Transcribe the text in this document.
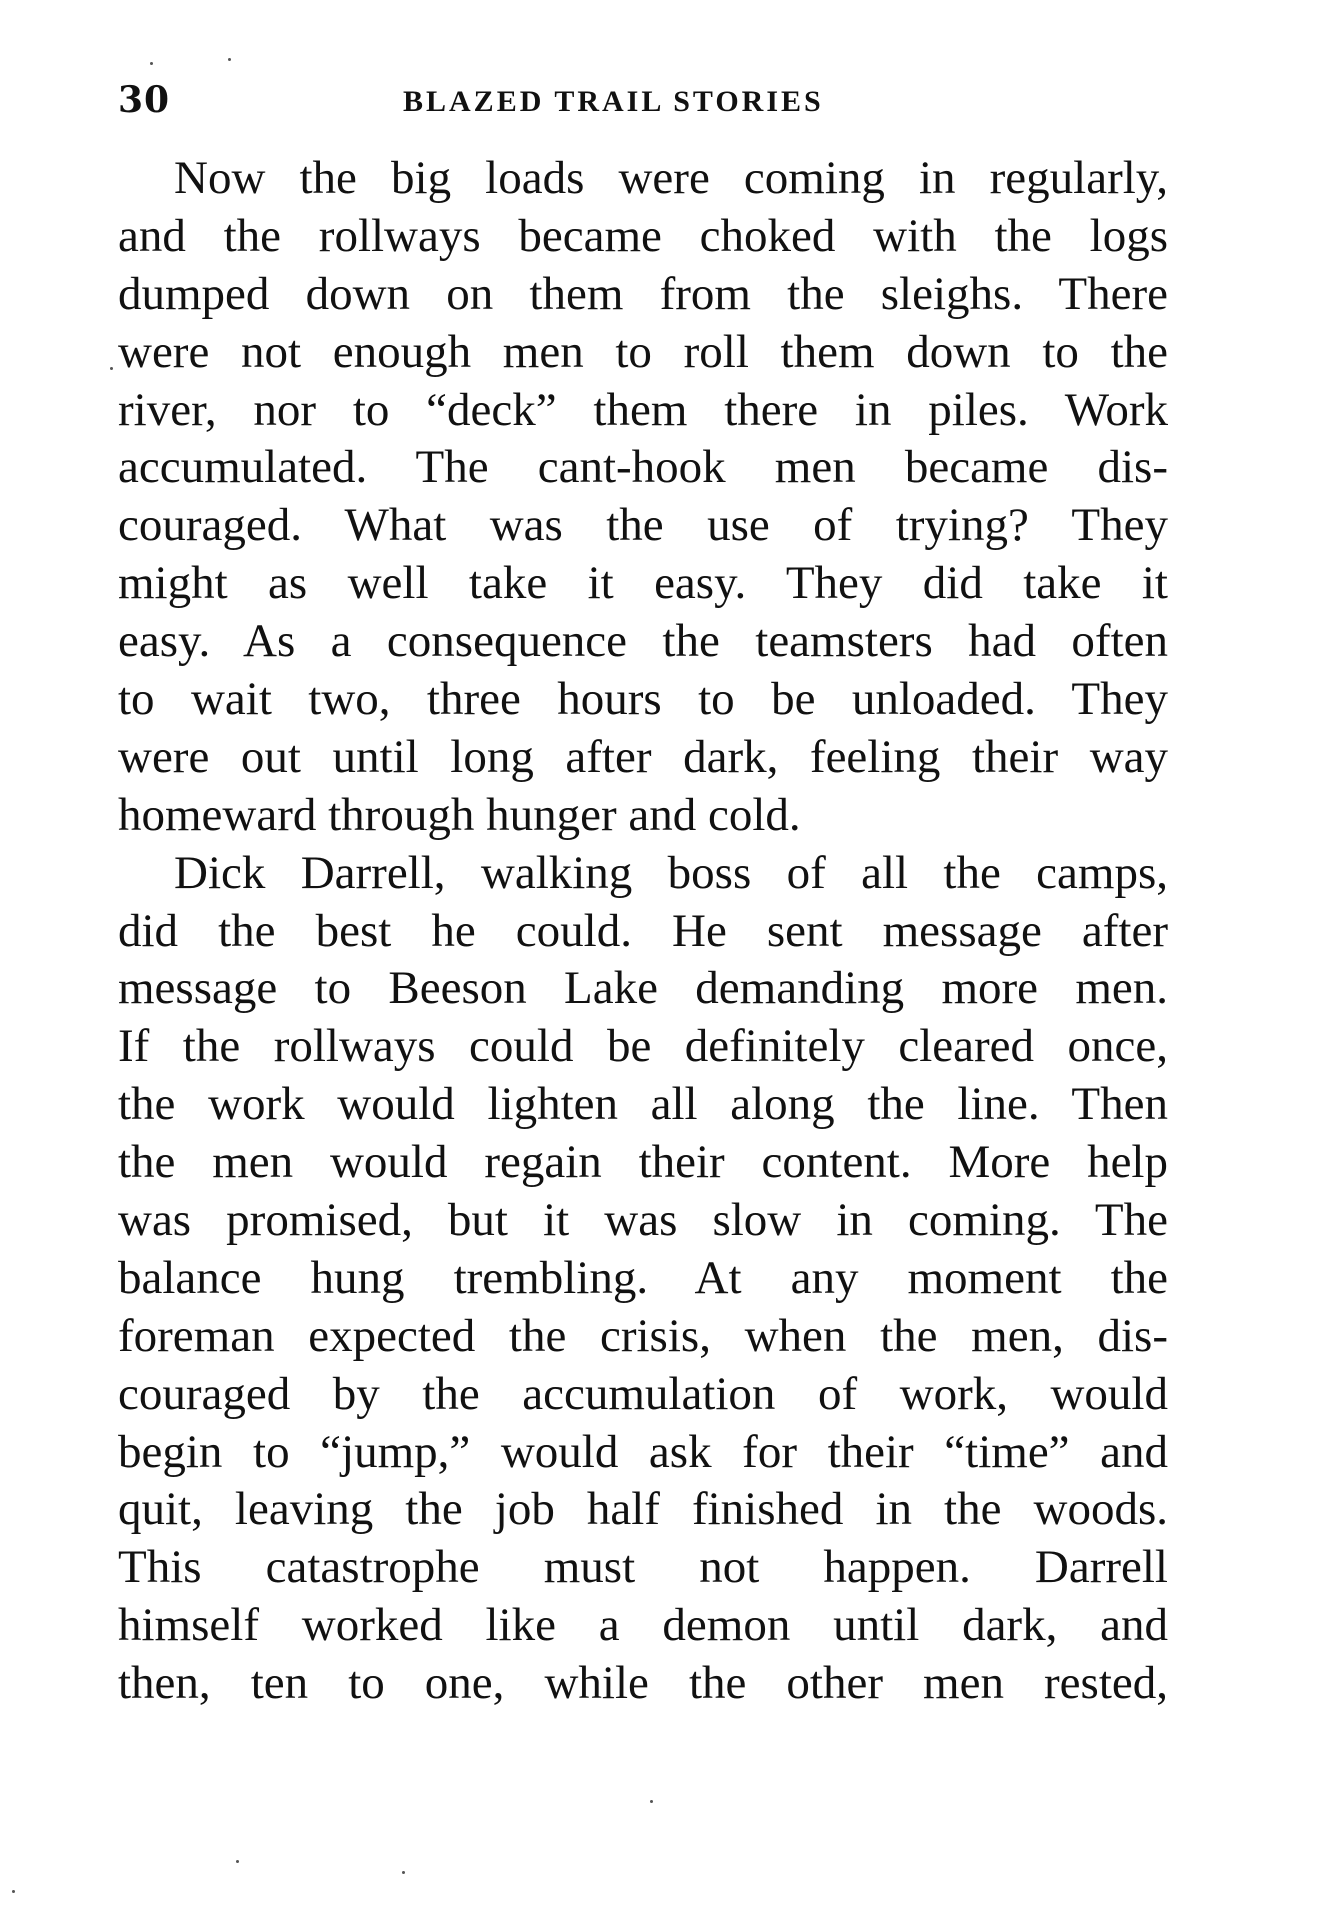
30	BLAZED TRAIL STORIES
Now the big loads were coming in regularly,
and the rollways became choked with the logs
dumped down on them from the sleighs. There
were not enough men to roll them down to the
river, nor to “deck” them there in piles. Work
accumulated. The cant-hook men became dis-
couraged. What was the use of trying? They
might as well take it easy. They did take it
easy. As a consequence the teamsters had often
to wait two, three hours to be unloaded. They
were out until long after dark, feeling their way
homeward through hunger and cold.
Dick Darrell, walking boss of all the camps,
did the best he could. He sent message after
message to Beeson Lake demanding more men.
If the rollways could be definitely cleared once,
the work would lighten all along the line. Then
the men would regain their content. More help
was promised, but it was slow in coming. The
balance hung trembling. At any moment the
foreman expected the crisis, when the men, dis-
couraged by the accumulation of work, would
begin to “jump,” would ask for their “time” and
quit, leaving the job half finished in the woods.
This catastrophe must not happen. Darrell
himself worked like a demon until dark, and
then, ten to one, while the other men rested,
